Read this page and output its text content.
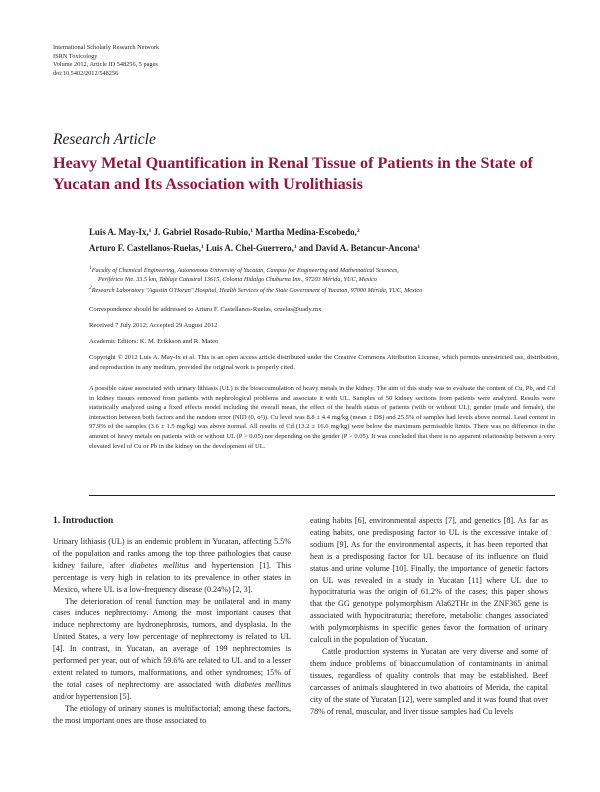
International Scholarly Research Network
ISRN Toxicology
Volume 2012, Article ID 548256, 5 pages
doi:10.5402/2012/548256
Research Article
Heavy Metal Quantification in Renal Tissue of Patients in the State of Yucatan and Its Association with Urolithiasis
Luis A. May-Ix,$^1$ J. Gabriel Rosado-Rubio,$^1$ Martha Medina-Escobedo,$^2$
Arturo F. Castellanos-Ruelas,$^1$ Luis A. Chel-Guerrero,$^1$ and David A. Betancur-Ancona$^1$
$^1$Faculty of Chemical Engineering, Autonomous University of Yucatan, Campus for Engineering and Mathematical Sciences,
Periférico Nte. 33.5 km, Tablaje Catastral 13615, Colonia Hidalgo Chuburna Inn., 97203 Mérida, YUC, Mexico
$^2$Research Laboratory "Agustin O'Horan" Hospital, Health Services of the State Government of Yucatan, 97000 Mérida, YUC, Mexico
Correspondence should be addressed to Arturo F. Castellanos-Ruelas, cruelas@uady.mx
Received 7 July 2012; Accepted 29 August 2012
Academic Editors: K. M. Erikkson and R. Mateo
Copyright © 2012 Luis A. May-Ix et al. This is an open access article distributed under the Creative Commons Attribution License, which permits unrestricted use, distribution, and reproduction in any medium, provided the original work is properly cited.
A possible cause associated with urinary lithiasis (UL) is the bioaccumulation of heavy metals in the kidney. The aim of this study was to evaluate the content of Cu, Pb, and Cd in kidney tissues removed from patients with nephrological problems and associate it with UL. Samples of 50 kidney sections from patients were analyzed. Results were statistically analyzed using a fixed effects model including the overall mean, the effect of the health status of patients (with or without UL), gender (male and female), the interaction between both factors and the random error (NID (0, σ²)). Cu level was 8.8 ± 4.4 mg/kg (mean ± DS) and 25.5% of samples had levels above normal. Lead content in 97.9% of the samples (3.6 ± 1.5 mg/kg) was above normal. All results of Cd (13.2 ± 16.6 mg/kg) were below the maximum permissible limits. There was no difference in the amount of heavy metals on patients with or without UL (P > 0.05) nor depending on the gender (P > 0.05). It was concluded that there is no apparent relationship between a very elevated level of Cu or Pb in the kidney on the development of UL.
1. Introduction

Urinary lithiasis (UL) is an endemic problem in Yucatan, affecting 5.5% of the population and ranks among the top three pathologies that cause kidney failure, after diabetes mellitus and hypertension [1]. This percentage is very high in relation to its prevalence in other states in Mexico, where UL is a low-frequency disease (0.24%) [2, 3].

The deterioration of renal function may be unilateral and in many cases induces nephrectomy. Among the most important causes that induce nephrectomy are hydronephrosis, tumors, and dysplasia. In the United States, a very low percentage of nephrectomy is related to UL [4]. In contrast, in Yucatan, an average of 199 nephrectomies is performed per year, out of which 59.6% are related to UL and to a lesser extent related to tumors, malformations, and other syndromes; 15% of the total cases of nephrectomy are associated with diabetes mellitus and/or hypertension [5].

The etiology of urinary stones is multifactorial; among these factors, the most important ones are those associated to

eating habits [6], environmental aspects [7], and genetics [8]. As far as eating habits, one predisposing factor to UL is the excessive intake of sodium [9]. As for the environmental aspects, it has been reported that heat is a predisposing factor for UL because of its influence on fluid status and urine volume [10]. Finally, the importance of genetic factors on UL was revealed in a study in Yucatan [11] where UL due to hypocitraturia was the origin of 61.2% of the cases; this paper shows that the GG genotype polymorphism Ala62THr in the ZNF365 gene is associated with hypocitraturia; therefore, metabolic changes associated with polymorphisms in specific genes favor the formation of urinary calculi in the population of Yucatan.

Cattle production systems in Yucatan are very diverse and some of them induce problems of bioaccumulation of contaminants in animal tissues, regardless of quality controls that may be established. Beef carcasses of animals slaughtered in two abattoirs of Merida, the capital city of the state of Yucatan [12], were sampled and it was found that over 78% of renal, muscular, and liver tissue samples had Cu levels
